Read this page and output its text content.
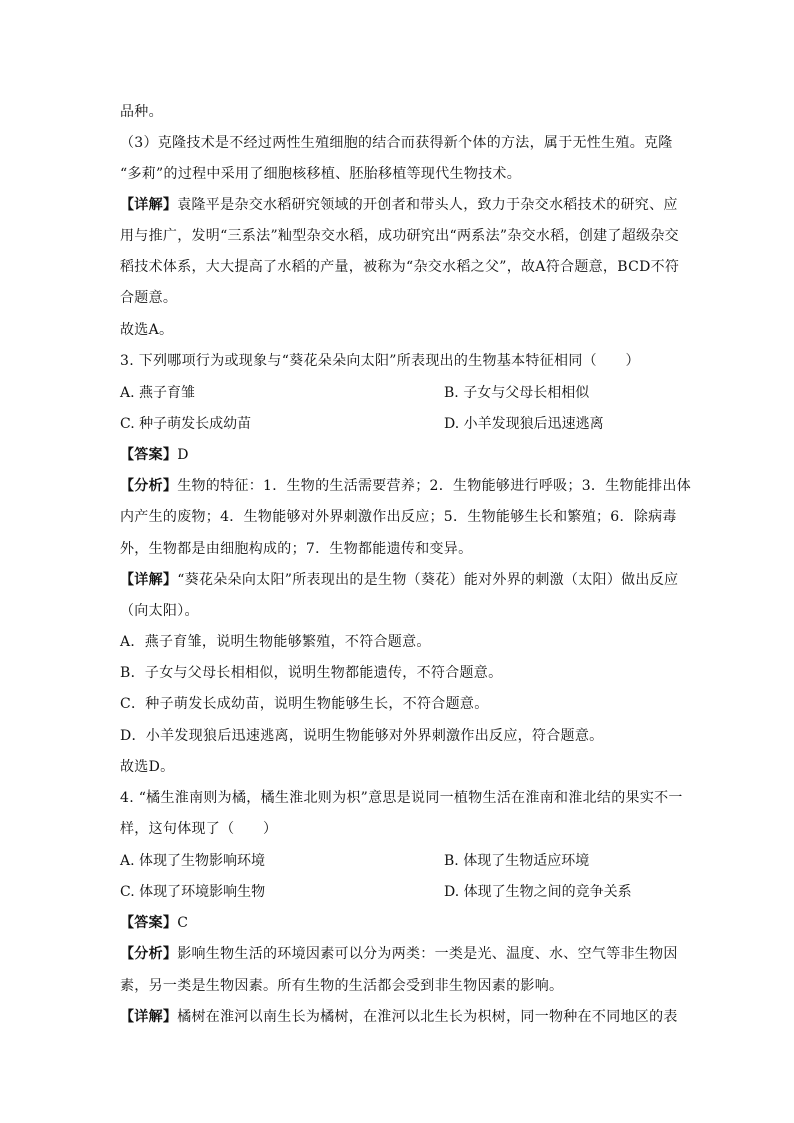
品种。
（3）克隆技术是不经过两性生殖细胞的结合而获得新个体的方法，属于无性生殖。克隆
“多莉”的过程中采用了细胞核移植、胚胎移植等现代生物技术。
【详解】袁隆平是杂交水稻研究领域的开创者和带头人，致力于杂交水稻技术的研究、应
用与推广，发明“三系法”籼型杂交水稻，成功研究出“两系法”杂交水稻，创建了超级杂交
稻技术体系，大大提高了水稻的产量，被称为“杂交水稻之父”，故A符合题意，BCD不符
合题意。
故选A。
3. 下列哪项行为或现象与“葵花朵朵向太阳”所表现出的生物基本特征相同（　　）
A. 燕子育雏	B. 子女与父母长相相似
C. 种子萌发长成幼苗	D. 小羊发现狼后迅速逃离
【答案】D
【分析】生物的特征：1．生物的生活需要营养；2．生物能够进行呼吸；3．生物能排出体
内产生的废物；4．生物能够对外界刺激作出反应；5．生物能够生长和繁殖；6．除病毒
外，生物都是由细胞构成的；7．生物都能遗传和变异。
【详解】“葵花朵朵向太阳”所表现出的是生物（葵花）能对外界的刺激（太阳）做出反应
（向太阳）。
A．燕子育雏，说明生物能够繁殖，不符合题意。
B．子女与父母长相相似，说明生物都能遗传，不符合题意。
C．种子萌发长成幼苗，说明生物能够生长，不符合题意。
D．小羊发现狼后迅速逃离，说明生物能够对外界刺激作出反应，符合题意。
故选D。
4. “橘生淮南则为橘，橘生淮北则为枳”意思是说同一植物生活在淮南和淮北结的果实不一
样，这句体现了（　　）
A. 体现了生物影响环境	B. 体现了生物适应环境
C. 体现了环境影响生物	D. 体现了生物之间的竞争关系
【答案】C
【分析】影响生物生活的环境因素可以分为两类：一类是光、温度、水、空气等非生物因
素，另一类是生物因素。所有生物的生活都会受到非生物因素的影响。
【详解】橘树在淮河以南生长为橘树，在淮河以北生长为枳树，同一物种在不同地区的表
